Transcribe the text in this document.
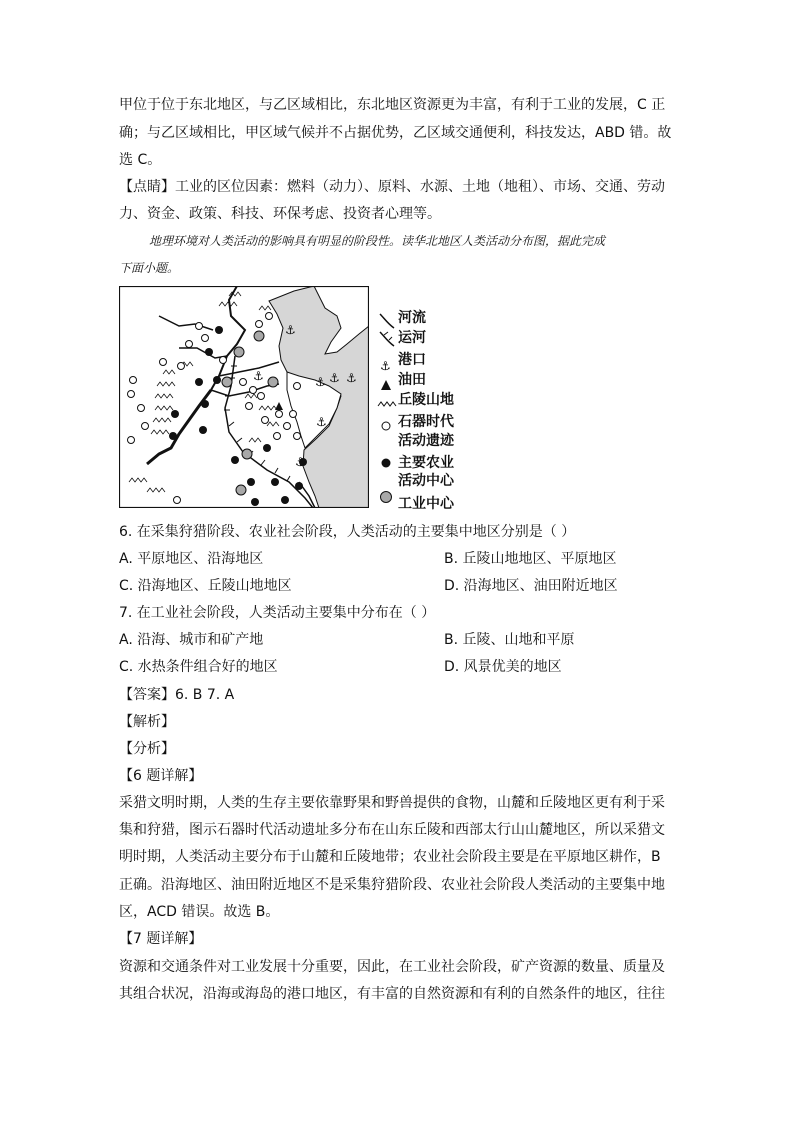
甲位于位于东北地区，与乙区域相比，东北地区资源更为丰富，有利于工业的发展，C 正
确；与乙区域相比，甲区域气候并不占据优势，乙区域交通便利，科技发达，ABD 错。故
选 C。
【点睛】工业的区位因素：燃料（动力）、原料、水源、土地（地租）、市场、交通、劳动
力、资金、政策、科技、环保考虑、投资者心理等。
地理环境对人类活动的影响具有明显的阶段性。读华北地区人类活动分布图，据此完成
下面小题。
⚓
⚓	⚓ ⚓ ⚓
⚓
⚓
⚓
河流
运河
港口
油田
丘陵山地
石器时代
活动遗迹
主要农业
活动中心
工业中心
6. 在采集狩猎阶段、农业社会阶段，人类活动的主要集中地区分别是（ ）
A. 平原地区、沿海地区	B. 丘陵山地地区、平原地区
C. 沿海地区、丘陵山地地区	D. 沿海地区、油田附近地区
7. 在工业社会阶段，人类活动主要集中分布在（ ）
A. 沿海、城市和矿产地	B. 丘陵、山地和平原
C. 水热条件组合好的地区	D. 风景优美的地区
【答案】6. B 7. A
【解析】
【分析】
【6 题详解】
采猎文明时期，人类的生存主要依靠野果和野兽提供的食物，山麓和丘陵地区更有利于采
集和狩猎，图示石器时代活动遗址多分布在山东丘陵和西部太行山山麓地区，所以采猎文
明时期，人类活动主要分布于山麓和丘陵地带；农业社会阶段主要是在平原地区耕作，B
正确。沿海地区、油田附近地区不是采集狩猎阶段、农业社会阶段人类活动的主要集中地
区，ACD 错误。故选 B。
【7 题详解】
资源和交通条件对工业发展十分重要，因此，在工业社会阶段，矿产资源的数量、质量及
其组合状况，沿海或海岛的港口地区，有丰富的自然资源和有利的自然条件的地区，往往
